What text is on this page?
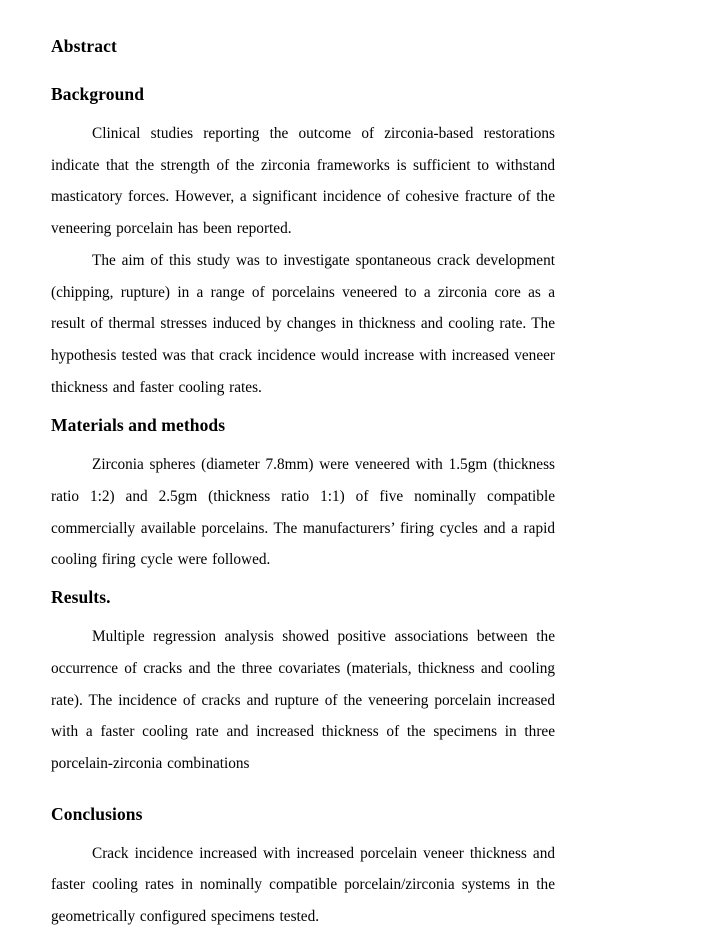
Abstract
Background

Clinical studies reporting the outcome of zirconia-based restorations indicate that the strength of the zirconia frameworks is sufficient to withstand masticatory forces. However, a significant incidence of cohesive fracture of the veneering porcelain has been reported.

The aim of this study was to investigate spontaneous crack development (chipping, rupture) in a range of porcelains veneered to a zirconia core as a result of thermal stresses induced by changes in thickness and cooling rate. The hypothesis tested was that crack incidence would increase with increased veneer thickness and faster cooling rates.

Materials and methods

Zirconia spheres (diameter 7.8mm) were veneered with 1.5gm (thickness ratio 1:2) and 2.5gm (thickness ratio 1:1) of five nominally compatible commercially available porcelains. The manufacturers’ firing cycles and a rapid cooling firing cycle were followed.

Results.

Multiple regression analysis showed positive associations between the occurrence of cracks and the three covariates (materials, thickness and cooling rate). The incidence of cracks and rupture of the veneering porcelain increased with a faster cooling rate and increased thickness of the specimens in three porcelain-zirconia combinations

Conclusions

Crack incidence increased with increased porcelain veneer thickness and faster cooling rates in nominally compatible porcelain/zirconia systems in the geometrically configured specimens tested.
